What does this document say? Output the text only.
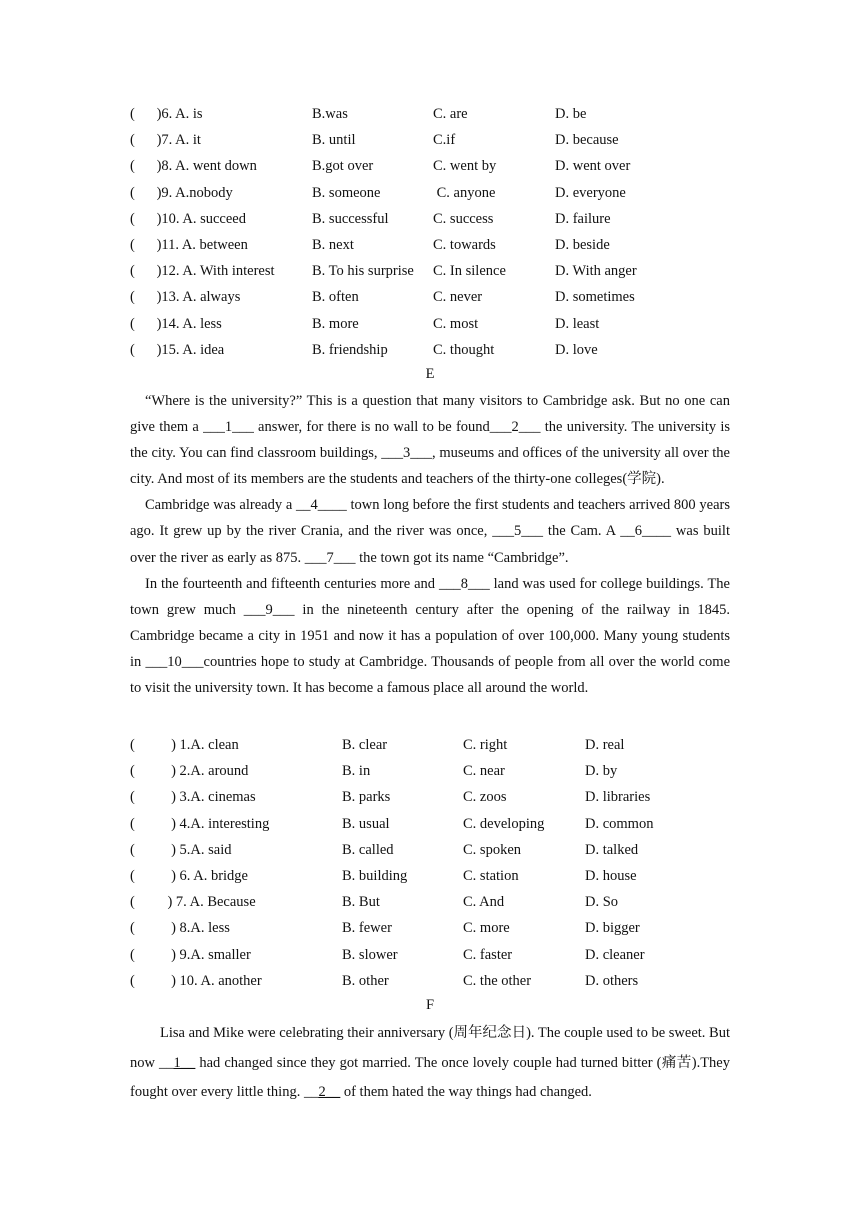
(      )6. A. is	B.was	C. are	D. be
(      )7. A. it	B. until	C.if	D. because
(      )8. A. went down	B.got over	C. went by	D. went over
(      )9. A.nobody	B. someone	C. anyone	D. everyone
(      )10. A. succeed	B. successful	C. success	D. failure
(      )11. A. between	B. next	C. towards	D. beside
(      )12. A. With interest	B. To his surprise C. In silence	D. With anger
(      )13. A. always	B. often	C. never	D. sometimes
(      )14. A. less	B. more	C. most	D. least
(      )15. A. idea	B. friendship	C. thought	D. love
E

“Where is the university?” This is a question that many visitors to Cambridge ask. But no one can give them a ___1___ answer, for there is no wall to be found___2___ the university. The university is the city. You can find classroom buildings, ___3___, museums and offices of the university all over the city. And most of its members are the students and teachers of the thirty-one colleges(学院).

Cambridge was already a __4____ town long before the first students and teachers arrived 800 years ago. It grew up by the river Crania, and the river was once, ___5___ the Cam. A __6____ was built over the river as early as 875. ___7___ the town got its name “Cambridge”.

In the fourteenth and fifteenth centuries more and ___8___ land was used for college buildings. The town grew much ___9___ in the nineteenth century after the opening of the railway in 1845. Cambridge became a city in 1951 and now it has a population of over 100,000. Many young students in ___10___countries hope to study at Cambridge. Thousands of people from all over the world come to visit the university town. It has become a famous place all around the world.

(          ) 1.A. clean	B. clear	C. right	D. real
(          ) 2.A. around	B. in	C. near	D. by
(          ) 3.A. cinemas	B. parks	C. zoos	D. libraries
(          ) 4.A. interesting	B. usual	C. developing	D. common
(          ) 5.A. said	B. called	C. spoken	D. talked
(          ) 6. A. bridge	B. building	C. station	D. house
(         ) 7. A. Because	B. But	C. And	D. So
(          ) 8.A. less	B. fewer	C. more	D. bigger
(          ) 9.A. smaller	B. slower	C. faster	D. cleaner
(          ) 10. A. another	B. other	C. the other	D. others
F

Lisa and Mike were celebrating their anniversary (周年纪念日). The couple used to be sweet. But now __1__ had changed since they got married. The once lovely couple had turned bitter (痛苦).They fought over every little thing. __2__ of them hated the way things had changed.
